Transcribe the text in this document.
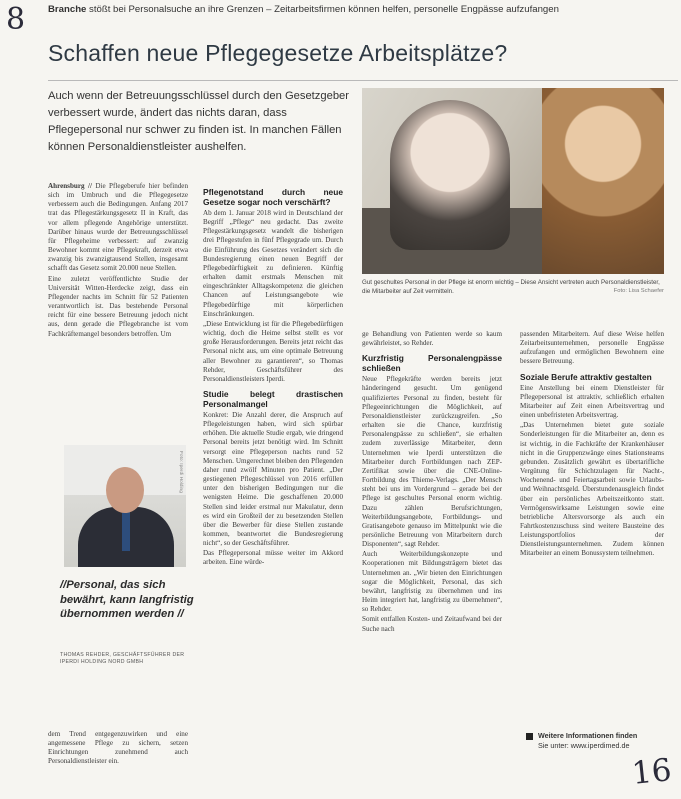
8 Branche stößt bei Personalsuche an ihre Grenzen – Zeitarbeitsfirmen können helfen, personelle Engpässe aufzufangen
Schaffen neue Pflegegesetze Arbeitsplätze?
Auch wenn der Betreuungsschlüssel durch den Gesetzgeber verbessert wurde, ändert das nichts daran, dass Pflegepersonal nur schwer zu finden ist. In manchen Fällen können Personaldienstleister aushelfen.
Gut geschultes Personal in der Pflege ist enorm wichtig – Diese Ansicht vertreten auch Personaldienstleister, die Mitarbeiter auf Zeit vermitteln.	Foto: Lisa Schaefer

Ahrensburg // Die Pflegeberufe hier befinden sich im Umbruch und die Pflegegesetze verbessern auch die Bedingungen. Anfang 2017 trat das Pflegestärkungsgesetz II in Kraft, das vor allem pflegende Angehörige unterstützt. Darüber hinaus wurde der Betreuungsschlüssel für Pflegeheime verbessert: auf zwanzig Bewohner kommt eine Pflegekraft, derzeit etwa zwanzig bis zwanzigtausend Stellen, insgesamt schafft das Gesetz somit 20.000 neue Stellen.

Eine zuletzt veröffentlichte Studie der Universität Witten-Herdecke zeigt, dass ein Pflegender nachts im Schnitt für 52 Patienten verantwortlich ist. Das bestehende Personal reicht für eine bessere Betreuung jedoch nicht aus, denn gerade die Pflegebranche ist vom Fachkräftemangel besonders betroffen. Um

dem Trend entgegenzuwirken und eine angemessene Pflege zu sichern, setzen Einrichtungen zunehmend auch Personaldienstleister ein.

Pflegenotstand durch neue Gesetze sogar noch verschärft?

Ab dem 1. Januar 2018 wird in Deutschland der Begriff „Pflege“ neu gedacht. Das zweite Pflegestärkungsgesetz wandelt die bisherigen drei Pflegestufen in fünf Pflegegrade um. Durch die Einführung des Gesetzes verändert sich die Bundesregierung einen neuen Begriff der Pflegebedürftigkeit zu definieren. Künftig erhalten damit erstmals Menschen mit eingeschränkter Alltagskompetenz die gleichen Chancen auf Leistungsangebote wie Pflegebedürftige mit körperlichen Einschränkungen.

„Diese Entwicklung ist für die Pflegebedürftigen wichtig, doch die Heime selbst stellt es vor große Herausforderungen. Bereits jetzt reicht das Personal nicht aus, um eine optimale Betreuung aller Bewohner zu garantieren“, so Thomas Rehder, Geschäftsführer des Personaldienstleisters Iperdi.

Studie belegt drastischen Personalmangel

Konkret: Die Anzahl derer, die Anspruch auf Pflegeleistungen haben, wird sich spürbar erhöhen. Die aktuelle Studie ergab, wie dringend Personal bereits jetzt benötigt wird. Im Schnitt versorgt eine Pflegeperson nachts rund 52 Menschen. Umgerechnet bleiben den Pflegenden daher rund zwölf Minuten pro Patient. „Der gestiegenen Pflegeschlüssel von 2016 erfüllen unter den bisherigen Bedingungen nur die wenigsten Heime. Die geschaffenen 20.000 Stellen sind leider erstmal nur Makulatur, denn es wird ein Großteil der zu besetzenden Stellen über die Bewerber für diese Stellen zustande kommen, beantwortet die Bundesregierung nicht“, so der Geschäftsführer.

Das Pflegepersonal müsse weiter im Akkord arbeiten. Eine würde-

ge Behandlung von Patienten werde so kaum gewährleistet, so Rehder.

Kurzfristig Personalengpässe schließen

Neue Pflegekräfte werden bereits jetzt händeringend gesucht. Um genügend qualifiziertes Personal zu finden, besteht für Pflegeeinrichtungen die Möglichkeit, auf Personaldienstleister zurückzugreifen. „So erhalten sie die Chance, kurzfristig Personalengpässe zu schließen“, sie erhalten zudem zuverlässige Mitarbeiter, denn Unternehmen wie Iperdi unterstützen die Mitarbeiter durch Fortbildungen nach ZEP-Zertifikat sowie über die CNE-Online-Fortbildung des Thieme-Verlags. „Der Mensch steht bei uns im Vordergrund – gerade bei der Pflege ist geschultes Personal enorm wichtig. Dazu zählen Berufsrichtungen, Weiterbildungsangebote, Fortbildungs- und Gratisangebote genauso im Mittelpunkt wie die persönliche Betreuung von Mitarbeitern durch Disponenten“, sagt Rehder.

Auch Weiterbildungskonzepte und Kooperationen mit Bildungsträgern bietet das Unternehmen an. „Wir bieten den Einrichtungen sogar die Möglichkeit, Personal, das sich bewährt, langfristig zu übernehmen und ins Heim integriert hat, langfristig zu übernehmen“, so Rehder.

Somit entfallen Kosten- und Zeitaufwand bei der Suche nach

passenden Mitarbeitern. Auf diese Weise helfen Zeitarbeitsunternehmen, personelle Engpässe aufzufangen und ermöglichen Bewohnern eine bessere Betreuung.

Soziale Berufe attraktiv gestalten

Eine Anstellung bei einem Dienstleister für Pflegepersonal ist attraktiv, schließlich erhalten Mitarbeiter auf Zeit einen Arbeitsvertrag und einen unbefristeten Arbeitsvertrag.

„Das Unternehmen bietet gute soziale Sonderleistungen für die Mitarbeiter an, denn es ist wichtig, in die Fachkräfte der Krankenhäuser nicht in die Gruppenzwänge eines Stationsteams gebunden. Zusätzlich gewährt es übertarifliche Vergütung für Schichtzulagen für Nacht-, Wochenend- und Feiertagsarbeit sowie Urlaubs- und Weihnachtsgeld. Überstundenausgleich findet über ein persönliches Arbeitszeitkonto statt. Vermögenswirksame Leistungen sowie eine betriebliche Altersvorsorge als auch ein Fahrtkostenzuschuss sind weitere Bausteine des Leistungsportfolios der Dienstleistungsunternehmen. Zudem können Mitarbeiter an einem Bonussystem teilnehmen.

Foto: Iperdi Holding
//Personal, das sich bewährt, kann langfristig übernommen werden //
THOMAS REHDER, GESCHÄFTSFÜHRER DER IPERDI HOLDING NORD GMBH
Weitere Informationen finden
Sie unter: www.iperdimed.de
16
